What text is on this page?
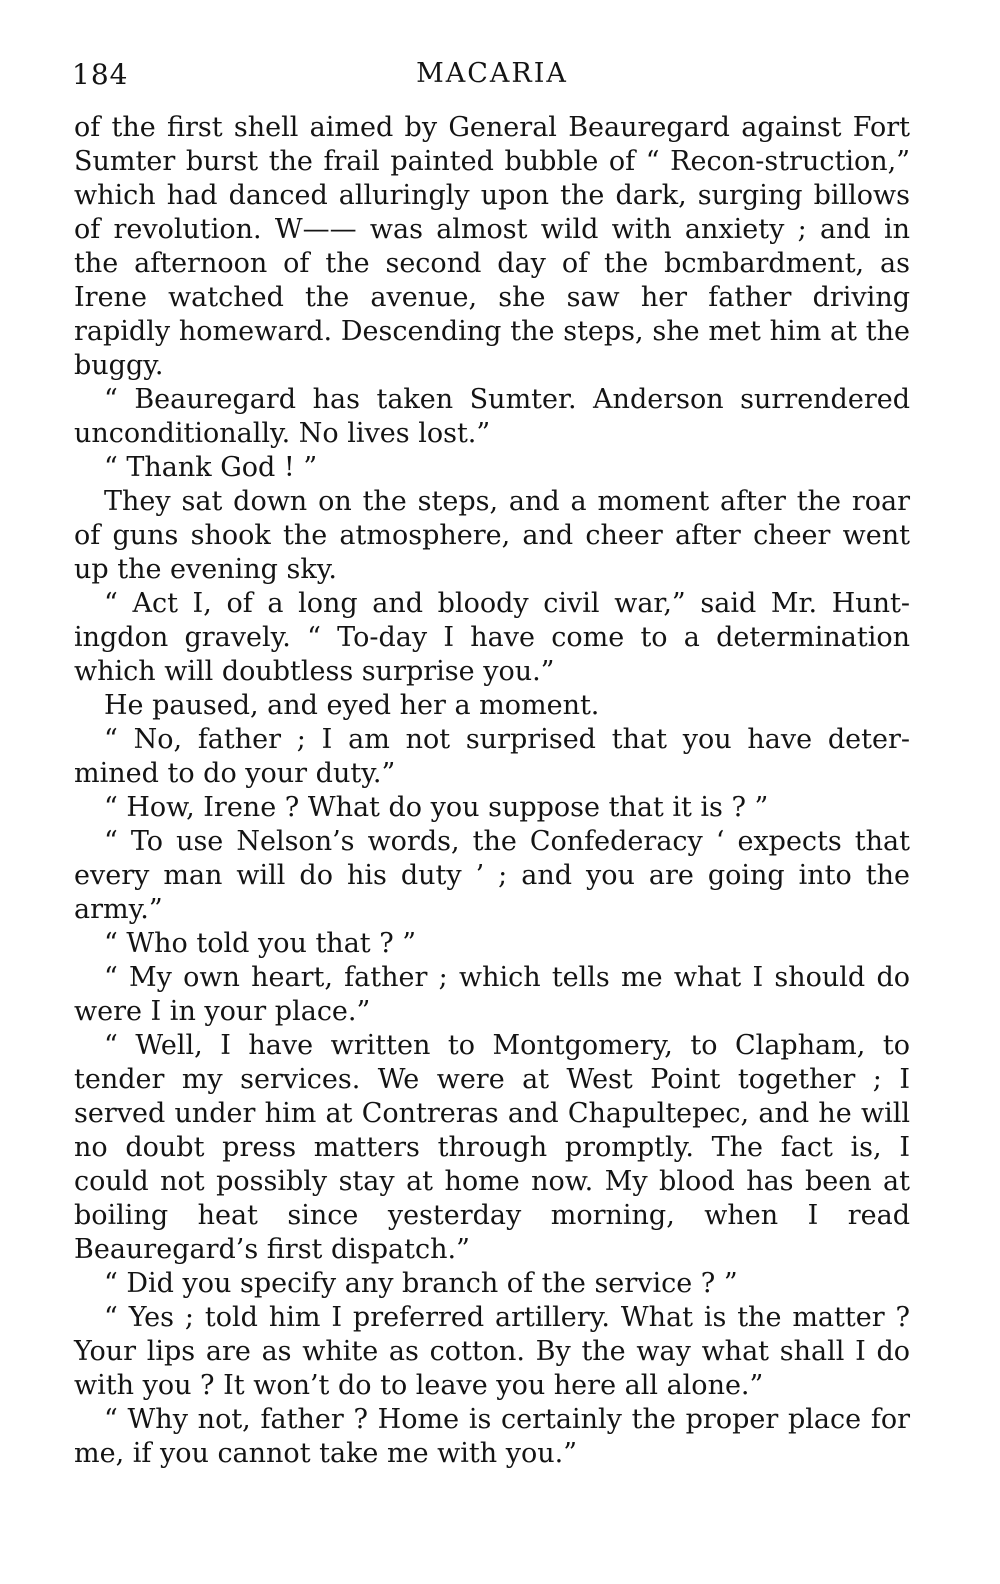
184	MACARIA

of the first shell aimed by General Beauregard against Fort Sumter burst the frail painted bubble of “ Recon-struction,” which had danced alluringly upon the dark, surging billows of revolution. W—— was almost wild with anxiety ; and in the afternoon of the second day of the bcmbardment, as Irene watched the avenue, she saw her father driving rapidly homeward. Descending the steps, she met him at the buggy.

“ Beauregard has taken Sumter. Anderson surrendered unconditionally. No lives lost.”

“ Thank God ! ”

They sat down on the steps, and a moment after the roar of guns shook the atmosphere, and cheer after cheer went up the evening sky.

“ Act I, of a long and bloody civil war,” said Mr. Hunt-ingdon gravely. “ To-day I have come to a determination which will doubtless surprise you.”

He paused, and eyed her a moment.

“ No, father ; I am not surprised that you have deter-mined to do your duty.”

“ How, Irene ? What do you suppose that it is ? ”

“ To use Nelson’s words, the Confederacy ‘ expects that every man will do his duty ’ ; and you are going into the army.”

“ Who told you that ? ”

“ My own heart, father ; which tells me what I should do were I in your place.”

“ Well, I have written to Montgomery, to Clapham, to tender my services. We were at West Point together ; I served under him at Contreras and Chapultepec, and he will no doubt press matters through promptly. The fact is, I could not possibly stay at home now. My blood has been at boiling heat since yesterday morning, when I read Beauregard’s first dispatch.”

“ Did you specify any branch of the service ? ”

“ Yes ; told him I preferred artillery. What is the matter ? Your lips are as white as cotton. By the way what shall I do with you ? It won’t do to leave you here all alone.”

“ Why not, father ? Home is certainly the proper place for me, if you cannot take me with you.”
